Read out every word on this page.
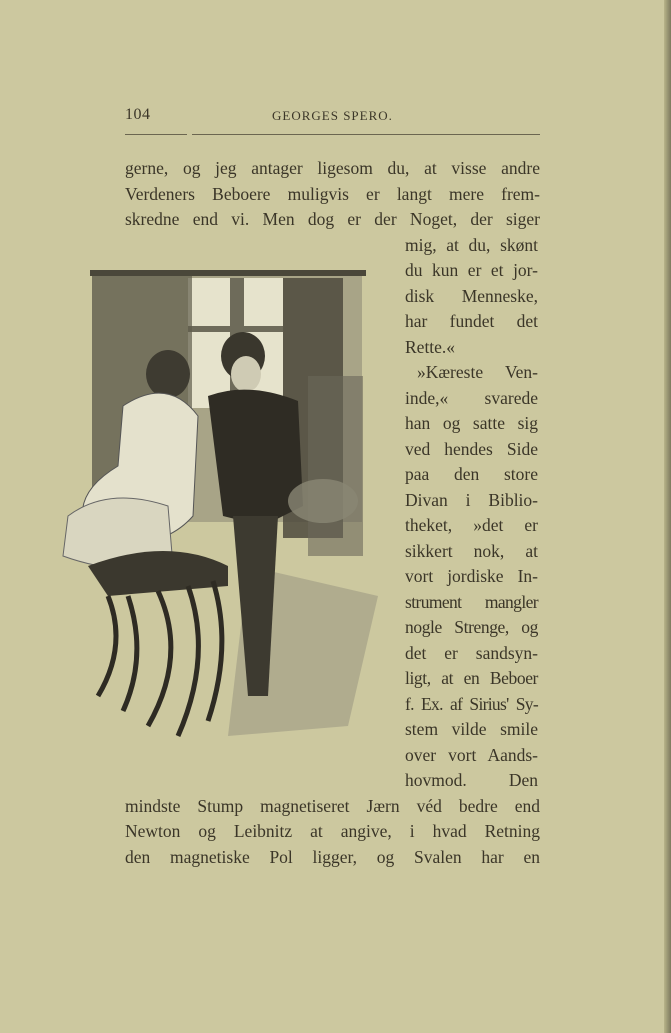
104	GEORGES SPERO.
gerne, og jeg antager ligesom du, at visse andre
Verdeners Beboere muligvis er langt mere frem-
skredne end vi. Men dog er der Noget, der siger
mig, at du, skønt
du kun er et jor-
disk Menneske,
har fundet det
Rette.«
»Kæreste Ven-
inde,« svarede
han og satte sig
ved hendes Side
paa den store
Divan i Biblio-
theket, »det er
sikkert nok, at
vort jordiske In-
strument mangler
nogle Strenge, og
det er sandsyn-
ligt, at en Beboer
f. Ex. af Sirius' Sy-
stem vilde smile
over vort Aands-
hovmod. Den
mindste Stump magnetiseret Jærn véd bedre end
Newton og Leibnitz at angive, i hvad Retning
den magnetiske Pol ligger, og Svalen har en
